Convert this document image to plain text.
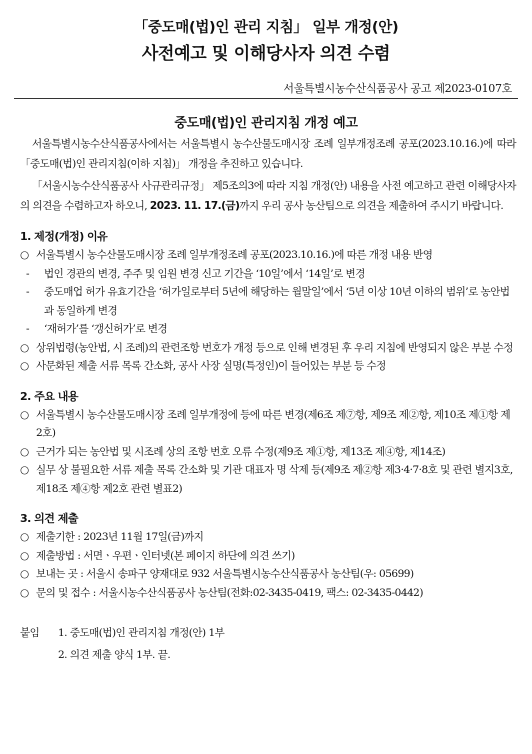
「중도매(법)인 관리 지침」 일부 개정(안)
사전예고 및 이해당사자 의견 수렴
서울특별시농수산식품공사 공고 제2023-0107호
중도매(법)인 관리지침 개정 예고

서울특별시농수산식품공사에서는 서울특별시 농수산물도매시장 조례 일부개정조례 공포(2023.10.16.)에 따라 「중도매(법)인 관리지침(이하 지침)」 개정을 추진하고 있습니다.

「서울시농수산식품공사 사규관리규정」 제5조의3에 따라 지침 개정(안) 내용을 사전 예고하고 관련 이해당사자의 의견을 수렴하고자 하오니, 2023. 11. 17.(금)까지 우리 공사 농산팀으로 의견을 제출하여 주시기 바랍니다.

1. 제정(개정) 이유

○ 서울특별시 농수산물도매시장 조례 일부개정조례 공포(2023.10.16.)에 따른 개정 내용 반영

- 법인 경관의 변경, 주주 및 임원 변경 신고 기간을 ‘10일’에서 ‘14일’로 변경

- 중도매업 허가 유효기간을 ‘허가일로부터 5년에 해당하는 월말일’에서 ‘5년 이상 10년 이하의 범위’로 농안법과 동일하게 변경

- ‘재허가’를 ‘갱신허가’로 변경

○ 상위법령(농안법, 시 조례)의 관련조항 번호가 개정 등으로 인해 변경된 후 우리 지침에 반영되지 않은 부분 수정

○ 사문화된 제출 서류 목록 간소화, 공사 사장 실명(특정인)이 들어있는 부분 등 수정

2. 주요 내용

○ 서울특별시 농수산물도매시장 조례 일부개정에 등에 따른 변경(제6조 제⑦항, 제9조 제②항, 제10조 제①항 제2호)

○ 근거가 되는 농안법 및 시조례 상의 조항 번호 오류 수정(제9조 제①항, 제13조 제④항, 제14조)

○ 실무 상 불필요한 서류 제출 목록 간소화 및 기관 대표자 명 삭제 등(제9조 제②항 제3·4·7·8호 및 관련 별지3호, 제18조 제④항 제2호 관련 별표2)

3. 의견 제출

○ 제출기한 : 2023년 11월 17일(금)까지

○ 제출방법 : 서면ㆍ우편ㆍ인터넷(본 페이지 하단에 의견 쓰기)

○ 보내는 곳 : 서울시 송파구 양재대로 932 서울특별시농수산식품공사 농산팀(우: 05699)

○ 문의 및 접수 : 서울시농수산식품공사 농산팀(전화:02-3435-0419, 팩스: 02-3435-0442)

붙임 1. 중도매(법)인 관리지침 개정(안) 1부
2. 의견 제출 양식 1부. 끝.
